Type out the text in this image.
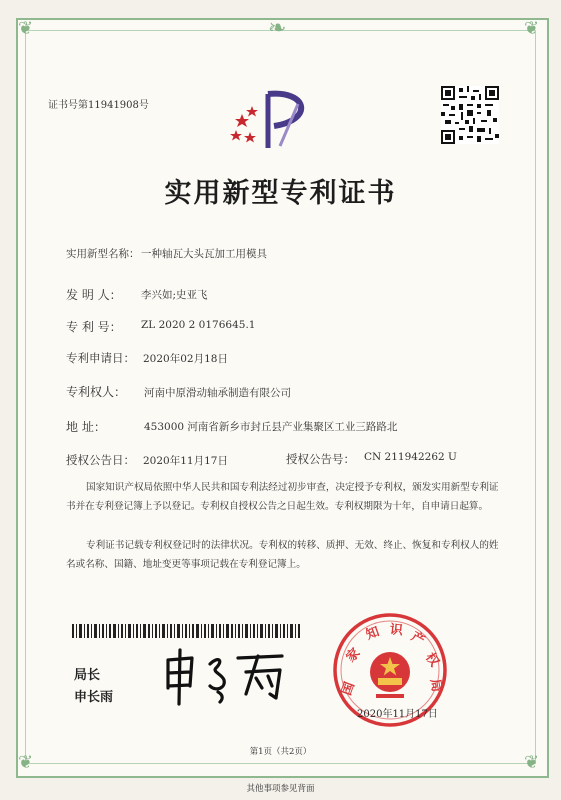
❦	❦
❦	❦
❧
证书号第11941908号
实用新型专利证书
实用新型名称： 一种轴瓦大头瓦加工用模具
发 明 人： 李兴如;史亚飞
专 利 号： ZL 2020 2 0176645.1
专利申请日： 2020年02月18日
专利权人： 河南中原滑动轴承制造有限公司
地 址：	453000 河南省新乡市封丘县产业集聚区工业三路路北
授权公告日： 2020年11月17日	授权公告号： CN 211942262 U
国家知识产权局依照中华人民共和国专利法经过初步审查，决定授予专利权，颁发实用新型专利证书并在专利登记簿上予以登记。专利权自授权公告之日起生效。专利权期限为十年，自申请日起算。
专利证书记载专利权登记时的法律状况。专利权的转移、质押、无效、终止、恢复和专利权人的姓名或名称、国籍、地址变更等事项记载在专利登记簿上。
局长
申长雨
国
家
知 识 产
权
局
2020年11月17日
第1页（共2页）
其他事项参见背面
